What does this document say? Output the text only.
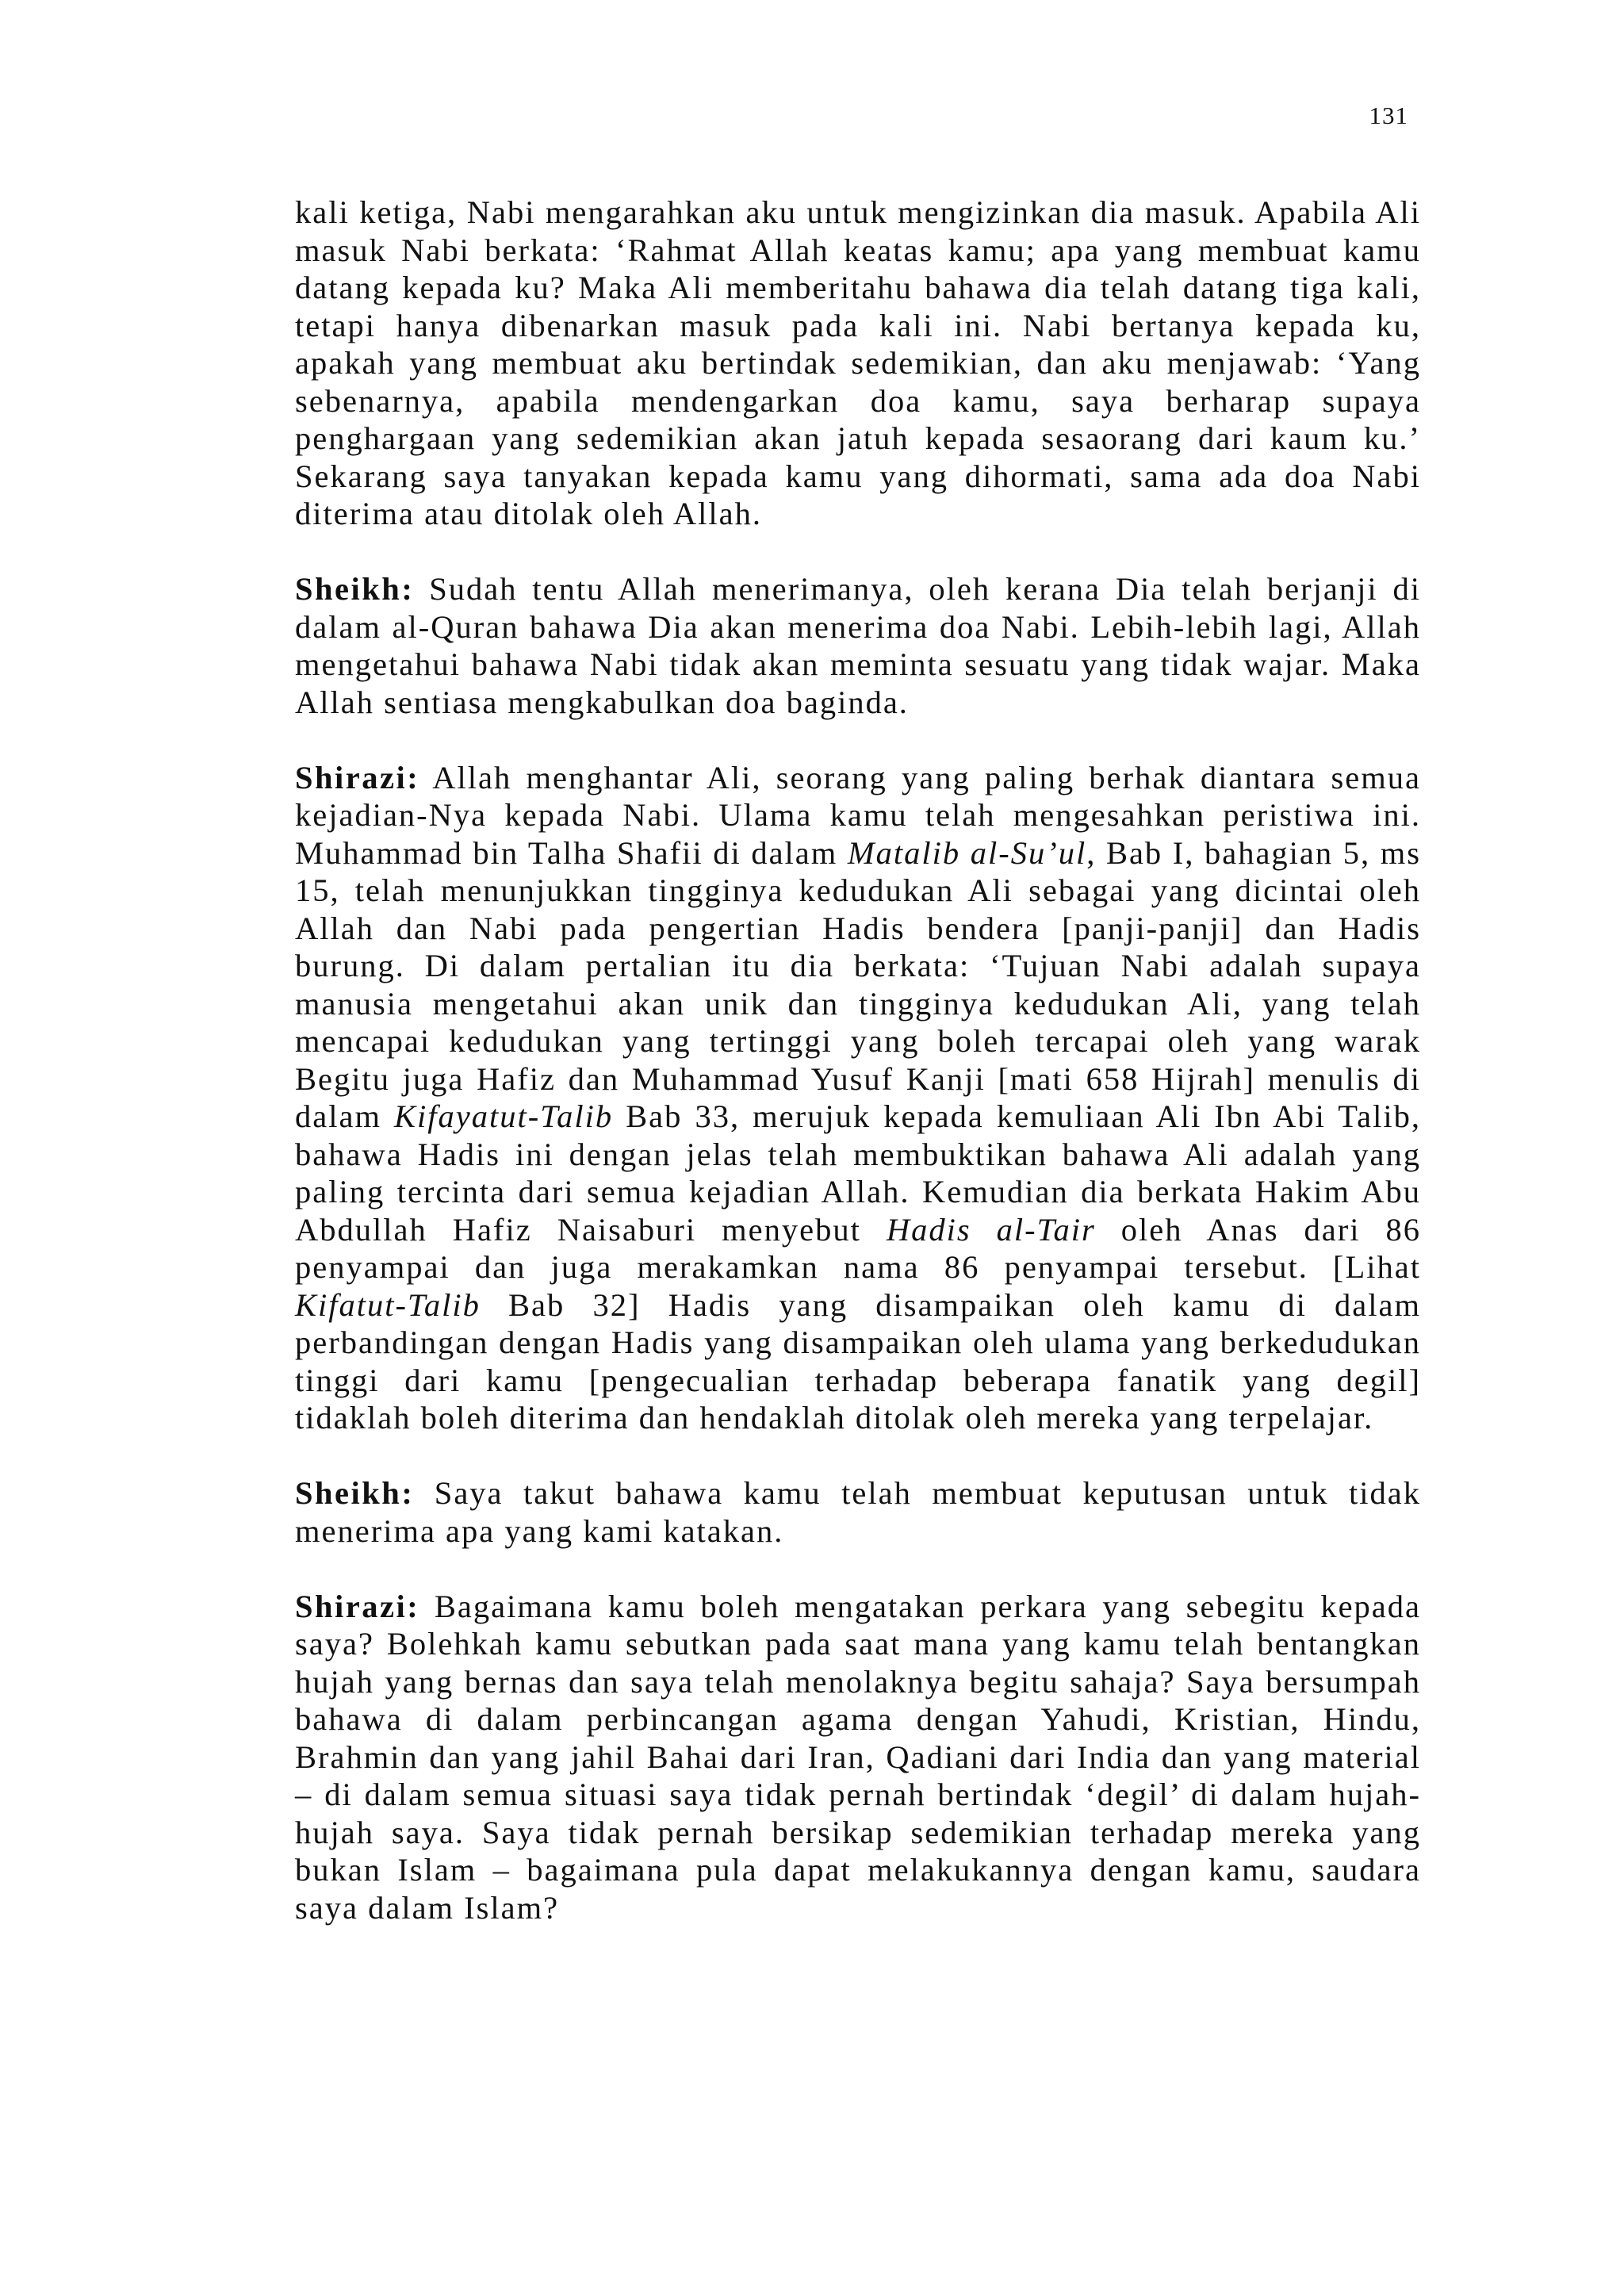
131

kali ketiga, Nabi mengarahkan aku untuk mengizinkan dia masuk. Apabila Ali masuk Nabi berkata: ‘Rahmat Allah keatas kamu; apa yang membuat kamu datang kepada ku? Maka Ali memberitahu bahawa dia telah datang tiga kali, tetapi hanya dibenarkan masuk pada kali ini. Nabi bertanya kepada ku, apakah yang membuat aku bertindak sedemikian, dan aku menjawab: ‘Yang sebenarnya, apabila mendengarkan doa kamu, saya berharap supaya penghargaan yang sedemikian akan jatuh kepada sesaorang dari kaum ku.’ Sekarang saya tanyakan kepada kamu yang dihormati, sama ada doa Nabi diterima atau ditolak oleh Allah.

Sheikh: Sudah tentu Allah menerimanya, oleh kerana Dia telah berjanji di dalam al-Quran bahawa Dia akan menerima doa Nabi. Lebih-lebih lagi, Allah mengetahui bahawa Nabi tidak akan meminta sesuatu yang tidak wajar. Maka Allah sentiasa mengkabulkan doa baginda.

Shirazi: Allah menghantar Ali, seorang yang paling berhak diantara semua kejadian-Nya kepada Nabi. Ulama kamu telah mengesahkan peristiwa ini. Muhammad bin Talha Shafii di dalam Matalib al-Su’ul, Bab I, bahagian 5, ms 15, telah menunjukkan tingginya kedudukan Ali sebagai yang dicintai oleh Allah dan Nabi pada pengertian Hadis bendera [panji-panji] dan Hadis burung. Di dalam pertalian itu dia berkata: ‘Tujuan Nabi adalah supaya manusia mengetahui akan unik dan tingginya kedudukan Ali, yang telah mencapai kedudukan yang tertinggi yang boleh tercapai oleh yang warak Begitu juga Hafiz dan Muhammad Yusuf Kanji [mati 658 Hijrah] menulis di dalam Kifayatut-Talib Bab 33, merujuk kepada kemuliaan Ali Ibn Abi Talib, bahawa Hadis ini dengan jelas telah membuktikan bahawa Ali adalah yang paling tercinta dari semua kejadian Allah. Kemudian dia berkata Hakim Abu Abdullah Hafiz Naisaburi menyebut Hadis al-Tair oleh Anas dari 86 penyampai dan juga merakamkan nama 86 penyampai tersebut. [Lihat Kifatut-Talib Bab 32] Hadis yang disampaikan oleh kamu di dalam perbandingan dengan Hadis yang disampaikan oleh ulama yang berkedudukan tinggi dari kamu [pengecualian terhadap beberapa fanatik yang degil] tidaklah boleh diterima dan hendaklah ditolak oleh mereka yang terpelajar.

Sheikh: Saya takut bahawa kamu telah membuat keputusan untuk tidak menerima apa yang kami katakan.

Shirazi: Bagaimana kamu boleh mengatakan perkara yang sebegitu kepada saya? Bolehkah kamu sebutkan pada saat mana yang kamu telah bentangkan hujah yang bernas dan saya telah menolaknya begitu sahaja? Saya bersumpah bahawa di dalam perbincangan agama dengan Yahudi, Kristian, Hindu, Brahmin dan yang jahil Bahai dari Iran, Qadiani dari India dan yang material – di dalam semua situasi saya tidak pernah bertindak ‘degil’ di dalam hujah-hujah saya. Saya tidak pernah bersikap sedemikian terhadap mereka yang bukan Islam – bagaimana pula dapat melakukannya dengan kamu, saudara saya dalam Islam?
